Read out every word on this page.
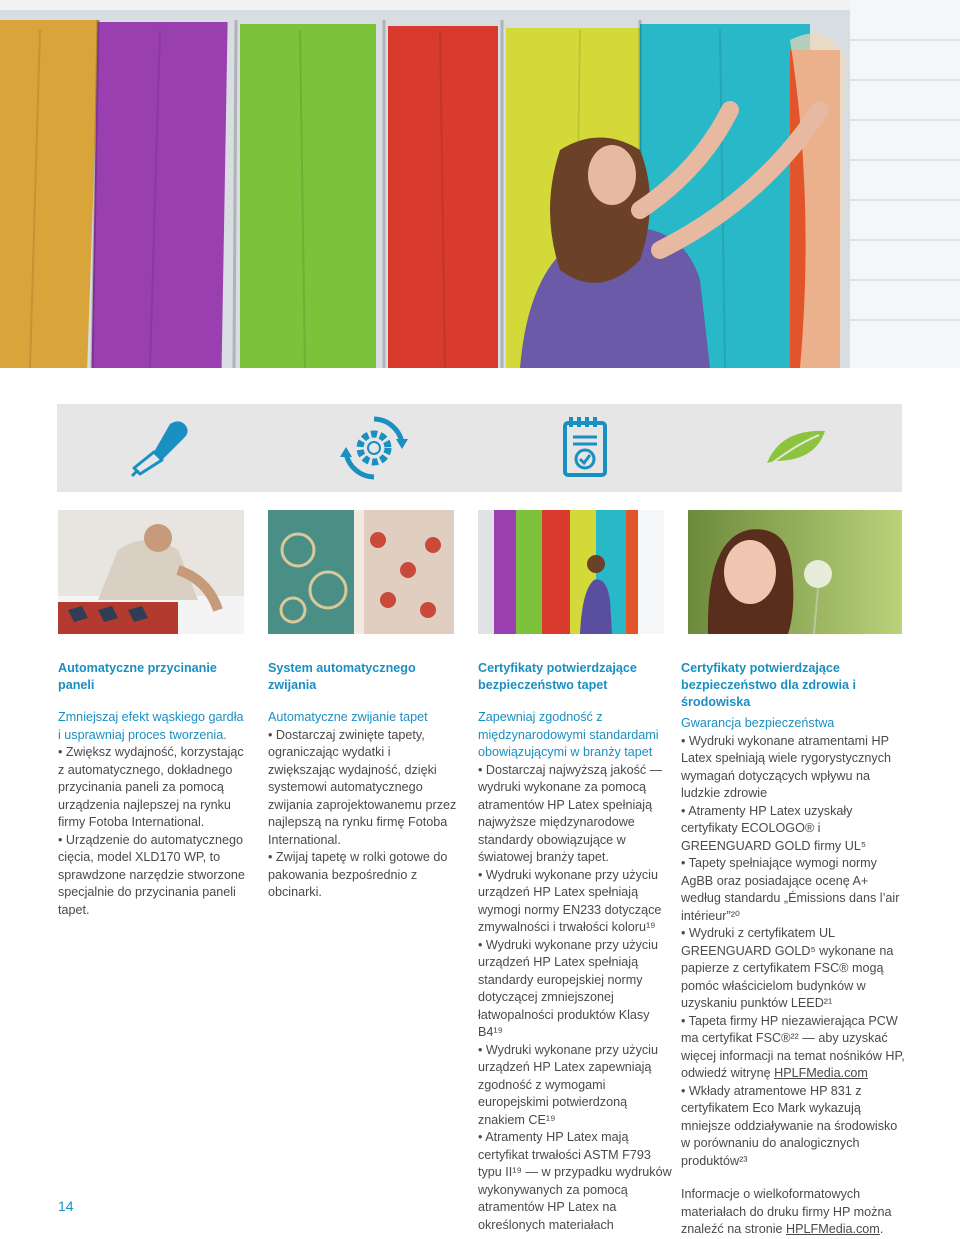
Automatyczne przycinanie paneli

Zmniejszaj efekt wąskiego gardła i usprawniaj proces tworzenia.

• Zwiększ wydajność, korzystając z automatycznego, dokładnego przycinania paneli za pomocą urządzenia najlepszej na rynku firmy Fotoba International.

• Urządzenie do automatycznego cięcia, model XLD170 WP, to sprawdzone narzędzie stworzone specjalnie do przycinania paneli tapet.

System automatycznego zwijania

Automatyczne zwijanie tapet

• Dostarczaj zwinięte tapety, ograniczając wydatki i zwiększając wydajność, dzięki systemowi automatycznego zwijania zaprojektowanemu przez najlepszą na rynku firmę Fotoba International.

• Zwijaj tapetę w rolki gotowe do pakowania bezpośrednio z obcinarki.

Certyfikaty potwierdzające bezpieczeństwo tapet

Zapewniaj zgodność z międzynarodowymi standardami obowiązującymi w branży tapet

• Dostarczaj najwyższą jakość — wydruki wykonane za pomocą atramentów HP Latex spełniają najwyższe międzynarodowe standardy obowiązujące w światowej branży tapet.

• Wydruki wykonane przy użyciu urządzeń HP Latex spełniają wymogi normy EN233 dotyczące zmywalności i trwałości koloru¹⁹

• Wydruki wykonane przy użyciu urządzeń HP Latex spełniają standardy europejskiej normy dotyczącej zmniejszonej łatwopalności produktów Klasy B4¹⁹

• Wydruki wykonane przy użyciu urządzeń HP Latex zapewniają zgodność z wymogami europejskimi potwierdzoną znakiem CE¹⁹

• Atramenty HP Latex mają certyfikat trwałości ASTM F793 typu II¹⁹ — w przypadku wydruków wykonywanych za pomocą atramentów HP Latex na określonych materiałach

Certyfikaty potwierdzające bezpieczeństwo dla zdrowia i środowiska

Gwarancja bezpieczeństwa

• Wydruki wykonane atramentami HP Latex spełniają wiele rygorystycznych wymagań dotyczących wpływu na ludzkie zdrowie

• Atramenty HP Latex uzyskały certyfikaty ECOLOGO® i GREENGUARD GOLD firmy UL⁵

• Tapety spełniające wymogi normy AgBB oraz posiadające ocenę A+ według standardu „Émissions dans l’air intérieur”²⁰

• Wydruki z certyfikatem UL GREENGUARD GOLD⁵ wykonane na papierze z certyfikatem FSC® mogą pomóc właścicielom budynków w uzyskaniu punktów LEED²¹

• Tapeta firmy HP niezawierająca PCW ma certyfikat FSC®²² — aby uzyskać więcej informacji na temat nośników HP, odwiedź witrynę HPLFMedia.com

• Wkłady atramentowe HP 831 z certyfikatem Eco Mark wykazują mniejsze oddziaływanie na środowisko w porównaniu do analogicznych produktów²³

Informacje o wielkoformatowych materiałach do druku firmy HP można znaleźć na stronie HPLFMedia.com.

14
